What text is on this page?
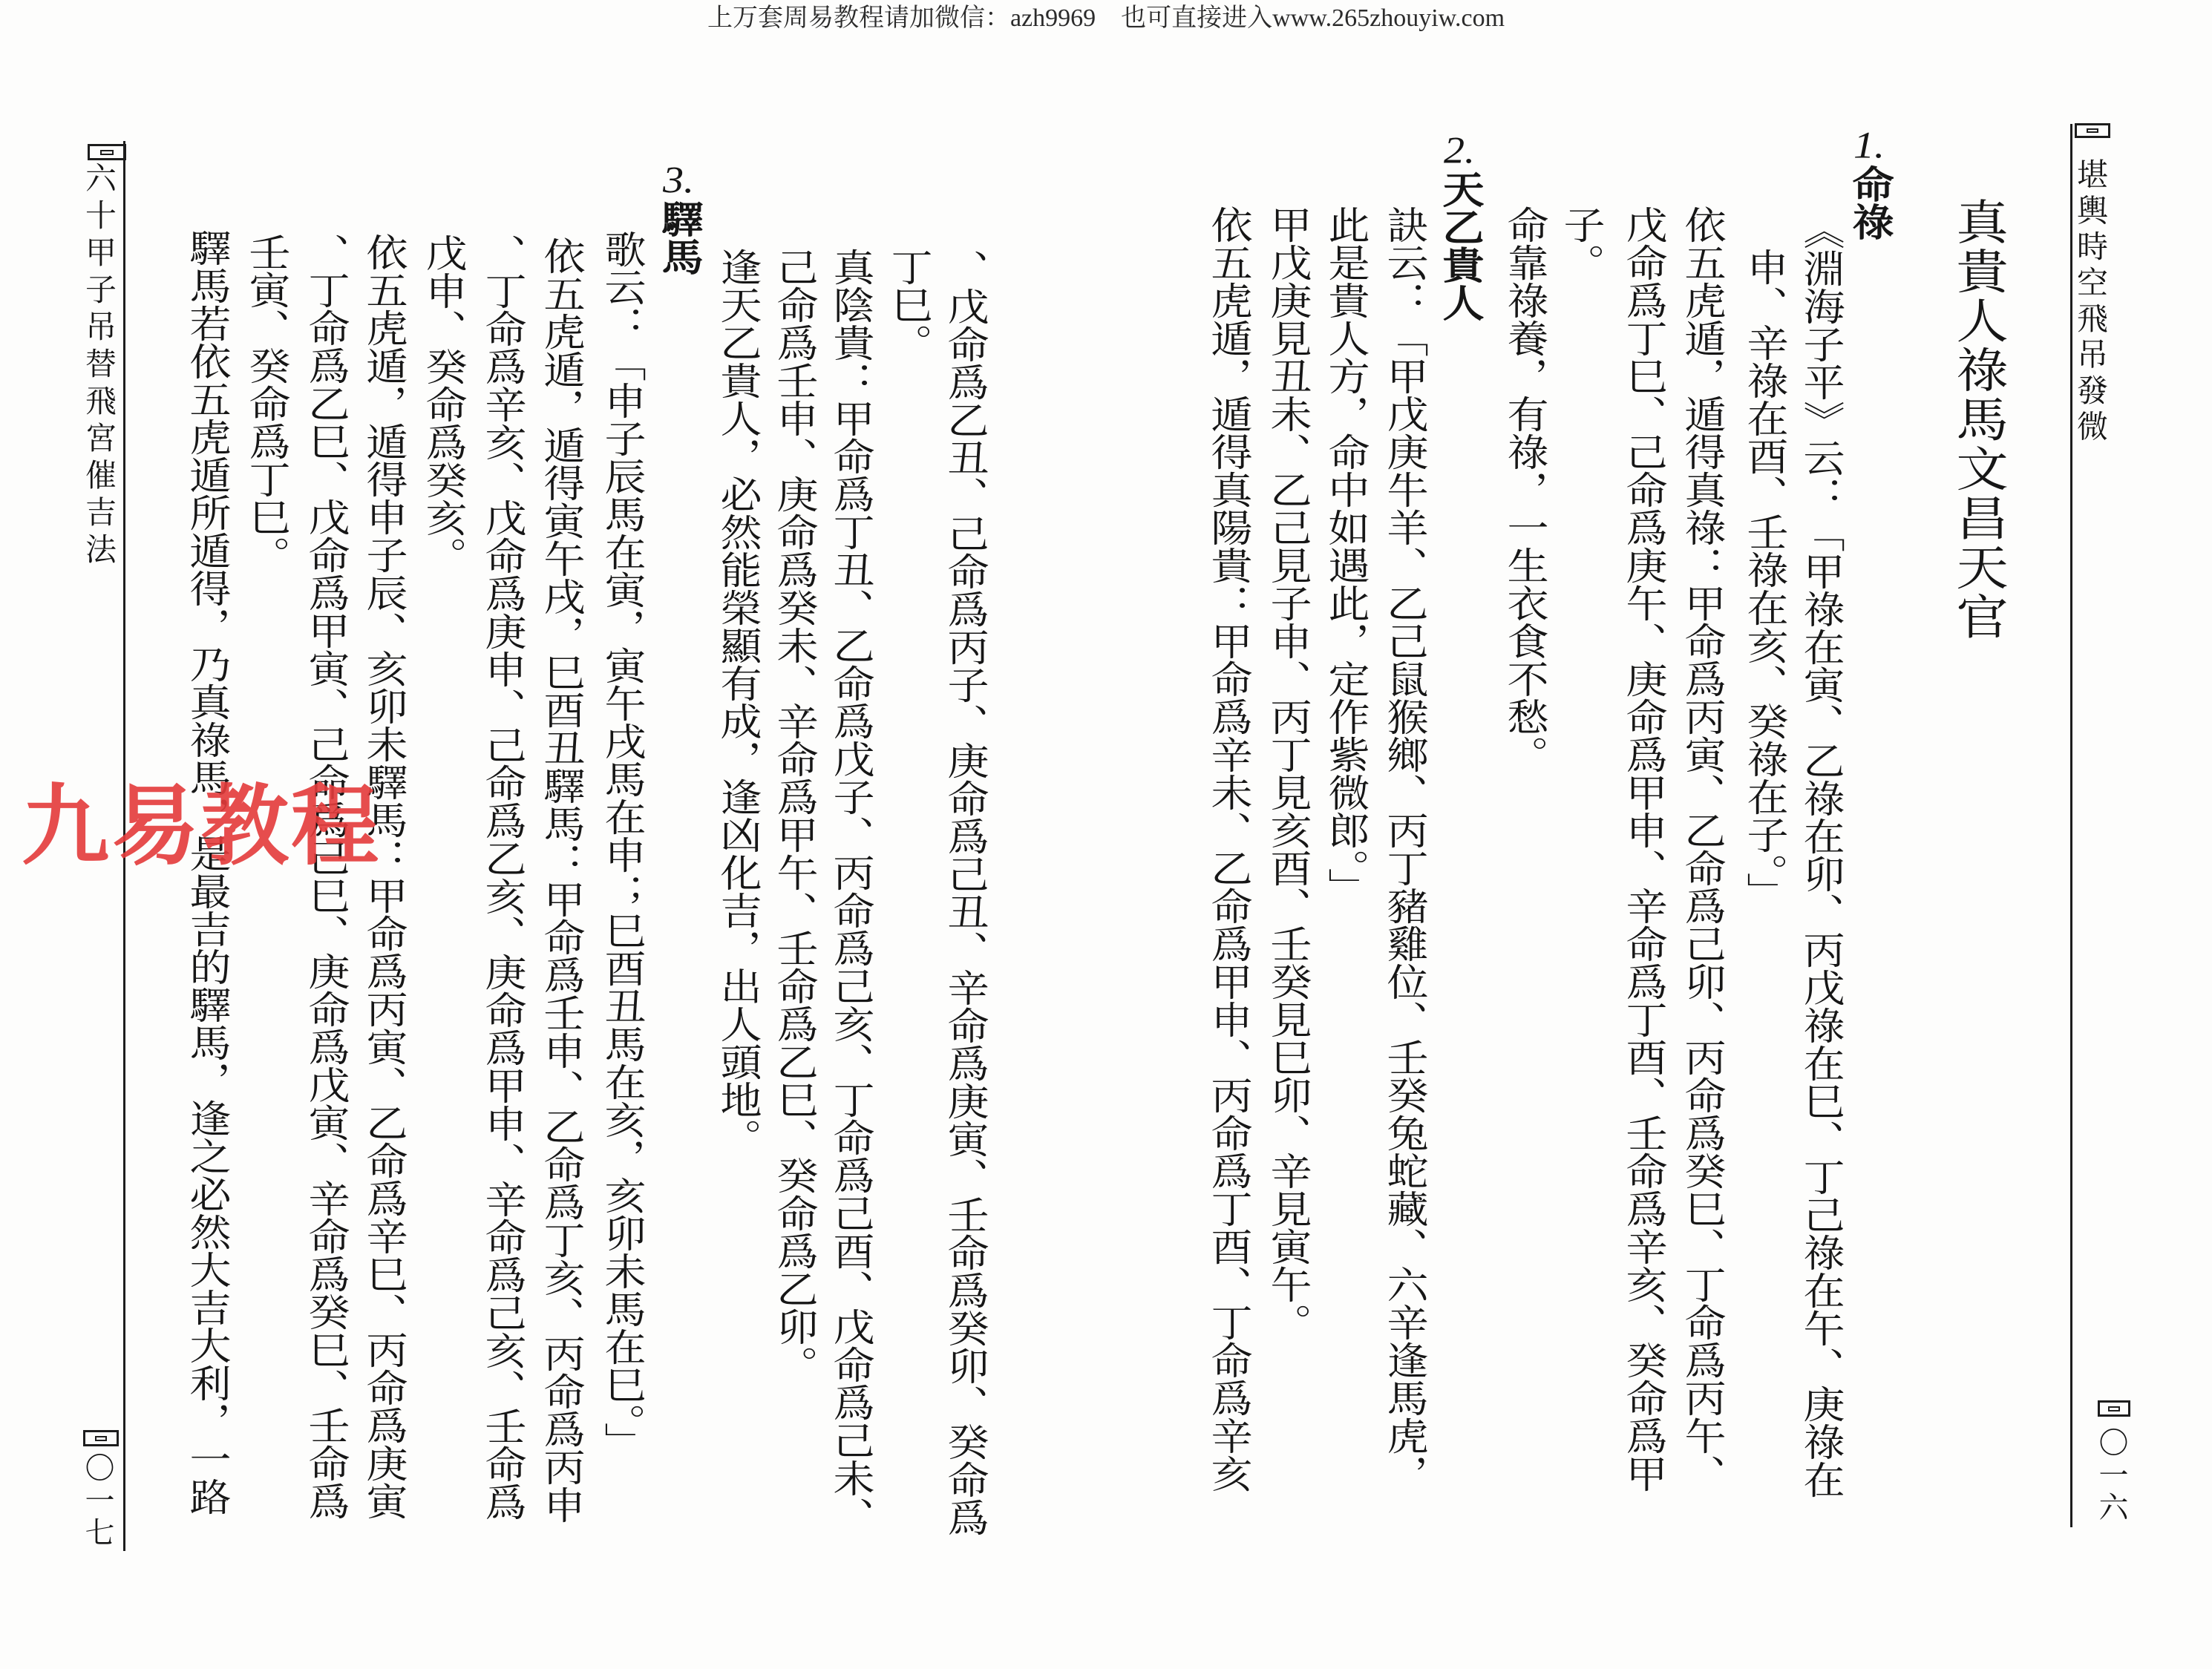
上万套周易教程请加微信：azh9969　也可直接进入www.265zhouyiw.com
堪輿時空飛吊發微
〇一六
真貴人祿馬文昌天官
1.命祿
《淵海子平》云：「甲祿在寅、乙祿在卯、丙戊祿在巳、丁己祿在午、庚祿在
申、辛祿在酉、壬祿在亥、癸祿在子。」
依五虎遁，遁得真祿：甲命爲丙寅、乙命爲己卯、丙命爲癸巳、丁命爲丙午、
戊命爲丁巳、己命爲庚午、庚命爲甲申、辛命爲丁酉、壬命爲辛亥、癸命爲甲
子。
命靠祿養，有祿，一生衣食不愁。
2.天乙貴人
訣云：「甲戊庚牛羊、乙己鼠猴鄉、丙丁豬雞位、壬癸兔蛇藏、六辛逢馬虎，
此是貴人方，命中如遇此，定作紫微郎。」
甲戊庚見丑未、乙己見子申、丙丁見亥酉、壬癸見巳卯、辛見寅午。
依五虎遁，遁得真陽貴：甲命爲辛未、乙命爲甲申、丙命爲丁酉、丁命爲辛亥
、戊命爲乙丑、己命爲丙子、庚命爲己丑、辛命爲庚寅、壬命爲癸卯、癸命爲
丁巳。
真陰貴：甲命爲丁丑、乙命爲戊子、丙命爲己亥、丁命爲己酉、戊命爲己未、
己命爲壬申、庚命爲癸未、辛命爲甲午、壬命爲乙巳、癸命爲乙卯。
逢天乙貴人，必然能榮顯有成，逢凶化吉，出人頭地。
3.驛馬
歌云：「申子辰馬在寅，寅午戌馬在申；巳酉丑馬在亥，亥卯未馬在巳。」
依五虎遁，遁得寅午戌，巳酉丑驛馬：甲命爲壬申、乙命爲丁亥、丙命爲丙申
、丁命爲辛亥、戊命爲庚申、己命爲乙亥、庚命爲甲申、辛命爲己亥、壬命爲
戊申、癸命爲癸亥。
依五虎遁，遁得申子辰、亥卯未驛馬：甲命爲丙寅、乙命爲辛巳、丙命爲庚寅
、丁命爲乙巳、戊命爲甲寅、己命爲己巳、庚命爲戊寅、辛命爲癸巳、壬命爲
壬寅、癸命爲丁巳。
驛馬若依五虎遁所遁得，乃真祿馬，是最吉的驛馬，逢之必然大吉大利，一路
六十甲子吊替飛宮催吉法
〇一七
九易教程
